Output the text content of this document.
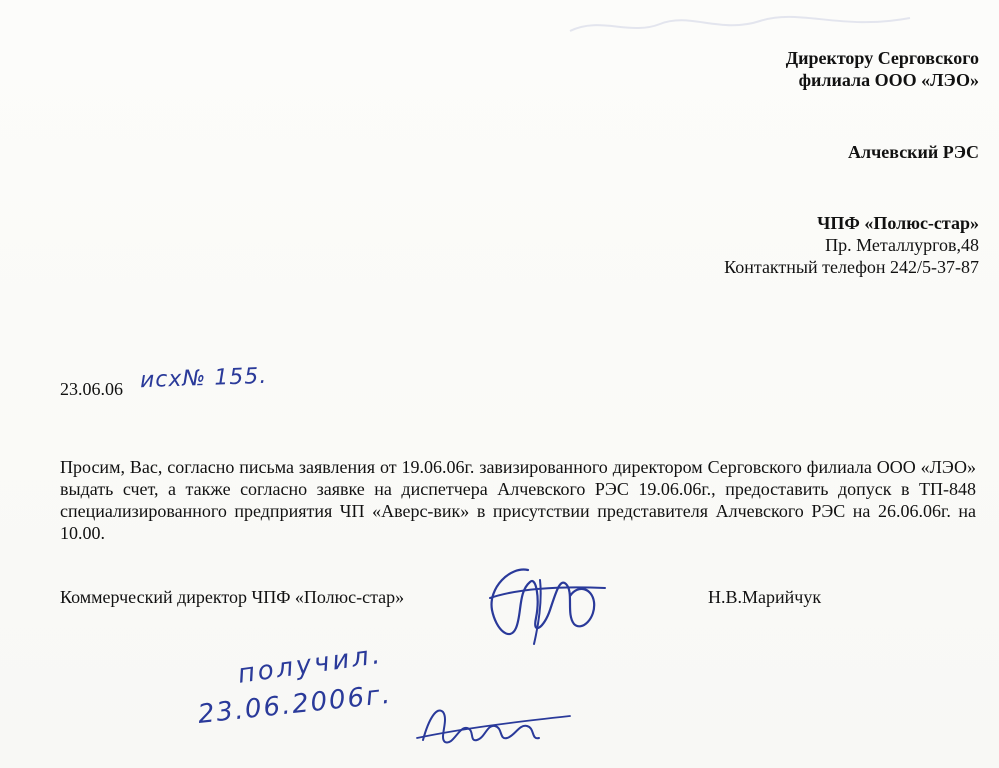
Директору Серговского
филиала ООО «ЛЭО»
Алчевский РЭС
ЧПФ «Полюс-стар»
Пр. Металлургов,48
Контактный телефон 242/5-37-87
23.06.06 исх№ 155.
Просим, Вас, согласно письма заявления от 19.06.06г. завизированного директором Серговского филиала ООО «ЛЭО» выдать счет, а также согласно заявке на диспетчера Алчевского РЭС 19.06.06г., предоставить допуск в ТП-848 специализированного предприятия ЧП «Аверс-вик» в присутствии представителя Алчевского РЭС на 26.06.06г. на 10.00.
Коммерческий директор ЧПФ «Полюс-стар»	Н.В.Марийчук
получил.
23.06.2006г.
